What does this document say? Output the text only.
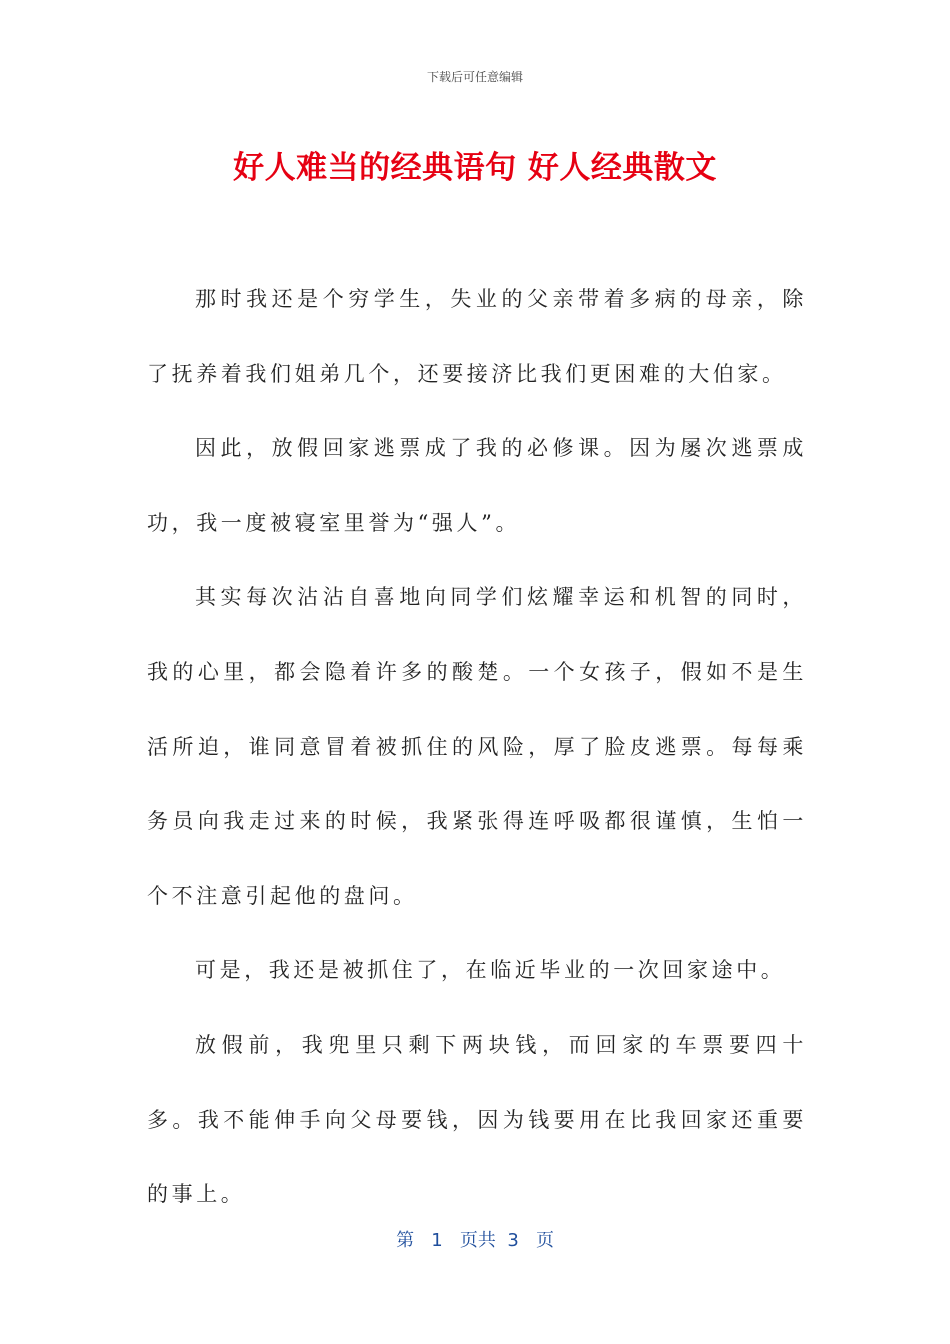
下载后可任意编辑
好人难当的经典语句 好人经典散文

那时我还是个穷学生，失业的父亲带着多病的母亲，除了抚养着我们姐弟几个，还要接济比我们更困难的大伯家。

因此，放假回家逃票成了我的必修课。因为屡次逃票成功，我一度被寝室里誉为“强人”。

其实每次沾沾自喜地向同学们炫耀幸运和机智的同时，我的心里，都会隐着许多的酸楚。一个女孩子，假如不是生活所迫，谁同意冒着被抓住的风险，厚了脸皮逃票。每每乘务员向我走过来的时候，我紧张得连呼吸都很谨慎，生怕一个不注意引起他的盘问。

可是，我还是被抓住了，在临近毕业的一次回家途中。

放假前，我兜里只剩下两块钱，而回家的车票要四十多。我不能伸手向父母要钱，因为钱要用在比我回家还重要的事上。

第 1 页共 3 页
